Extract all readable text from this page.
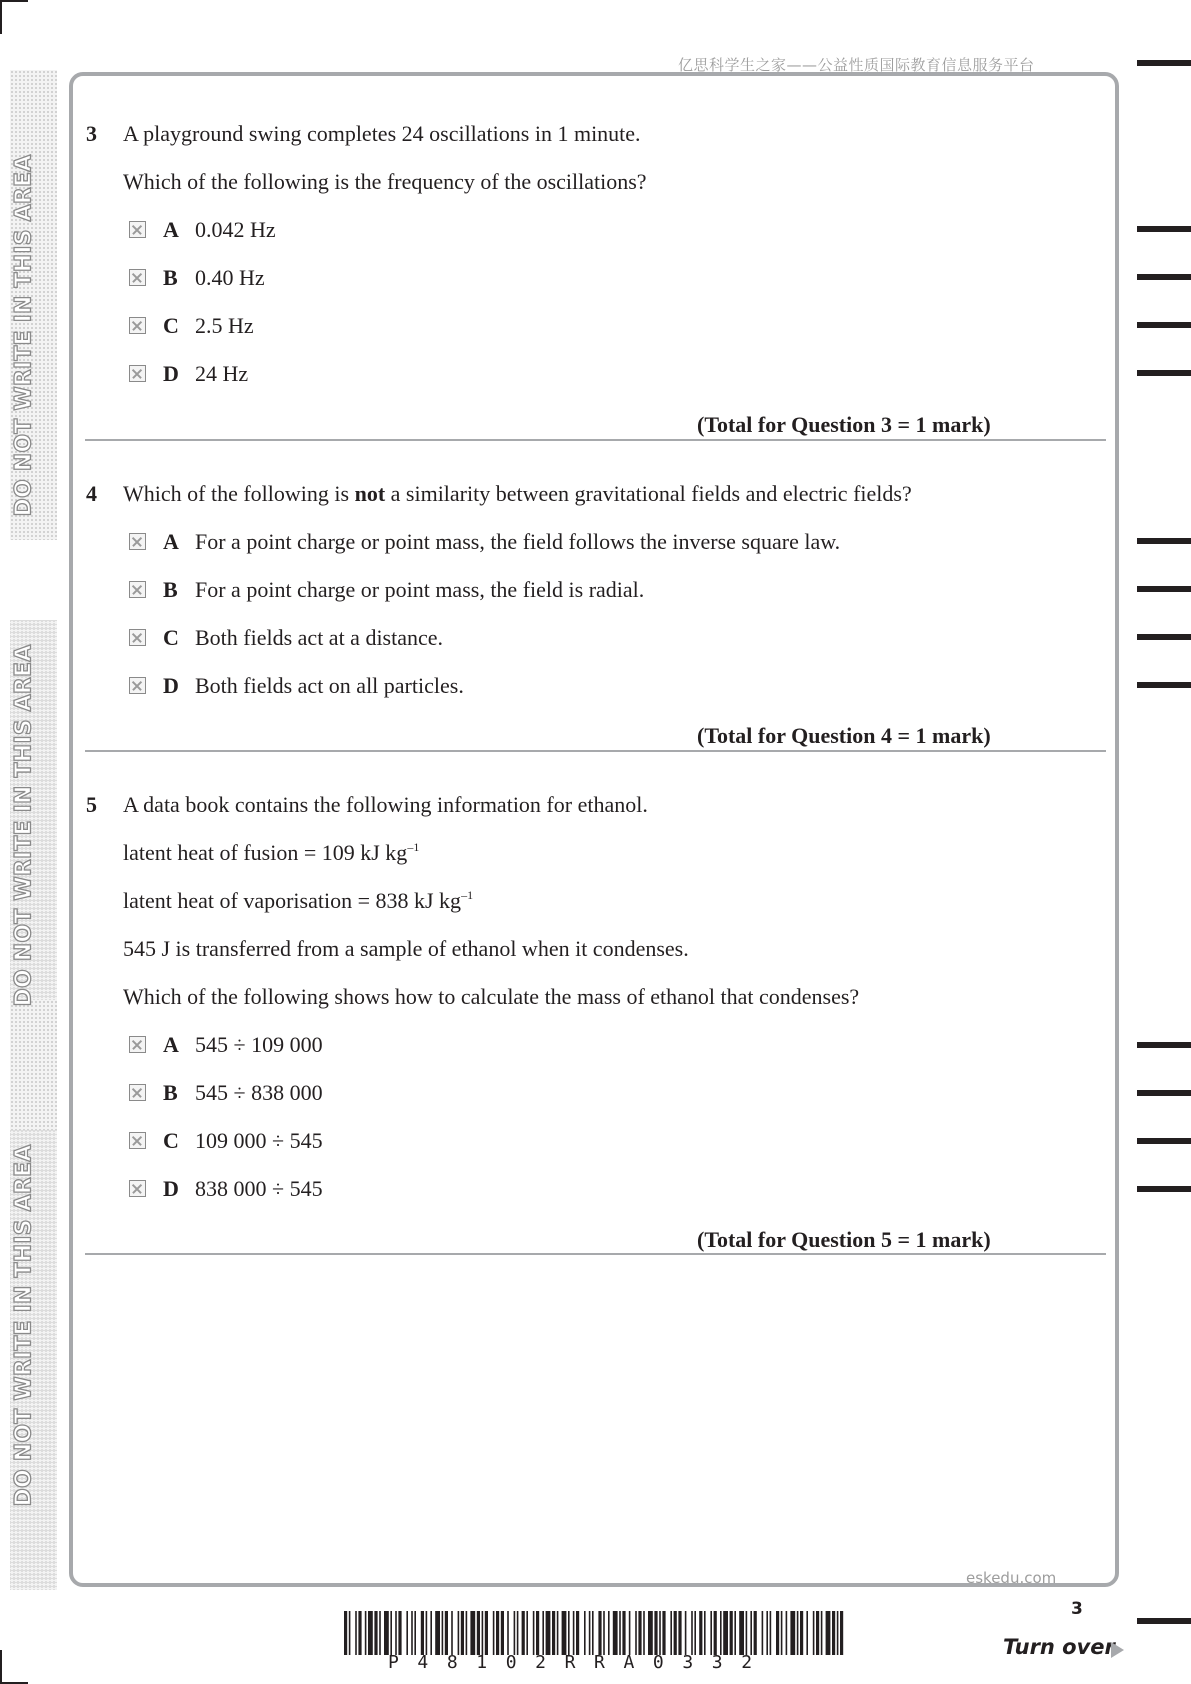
亿思科学生之家——公益性质国际教育信息服务平台
DO NOT WRITE IN THIS AREA
DO NOT WRITE IN THIS AREA
DO NOT WRITE IN THIS AREA
3 A playground swing completes 24 oscillations in 1 minute.
Which of the following is the frequency of the oscillations?
A 0.042 Hz
B 0.40 Hz
C 2.5 Hz
D 24 Hz
(Total for Question 3 = 1 mark)
4 Which of the following is not a similarity between gravitational fields and electric fields?
A For a point charge or point mass, the field follows the inverse square law.
B For a point charge or point mass, the field is radial.
C Both fields act at a distance.
D Both fields act on all particles.
(Total for Question 4 = 1 mark)
5 A data book contains the following information for ethanol.
latent heat of fusion = 109 kJ $kg^{-1}$
latent heat of vaporisation = 838 kJ $kg^{-1}$
545 J is transferred from a sample of ethanol when it condenses.
Which of the following shows how to calculate the mass of ethanol that condenses?
A 545 ÷ 109 000
B 545 ÷ 838 000
C 109 000 ÷ 545
D 838 000 ÷ 545
(Total for Question 5 = 1 mark)
eskedu.com
3
P48102RRA0332
Turn over
